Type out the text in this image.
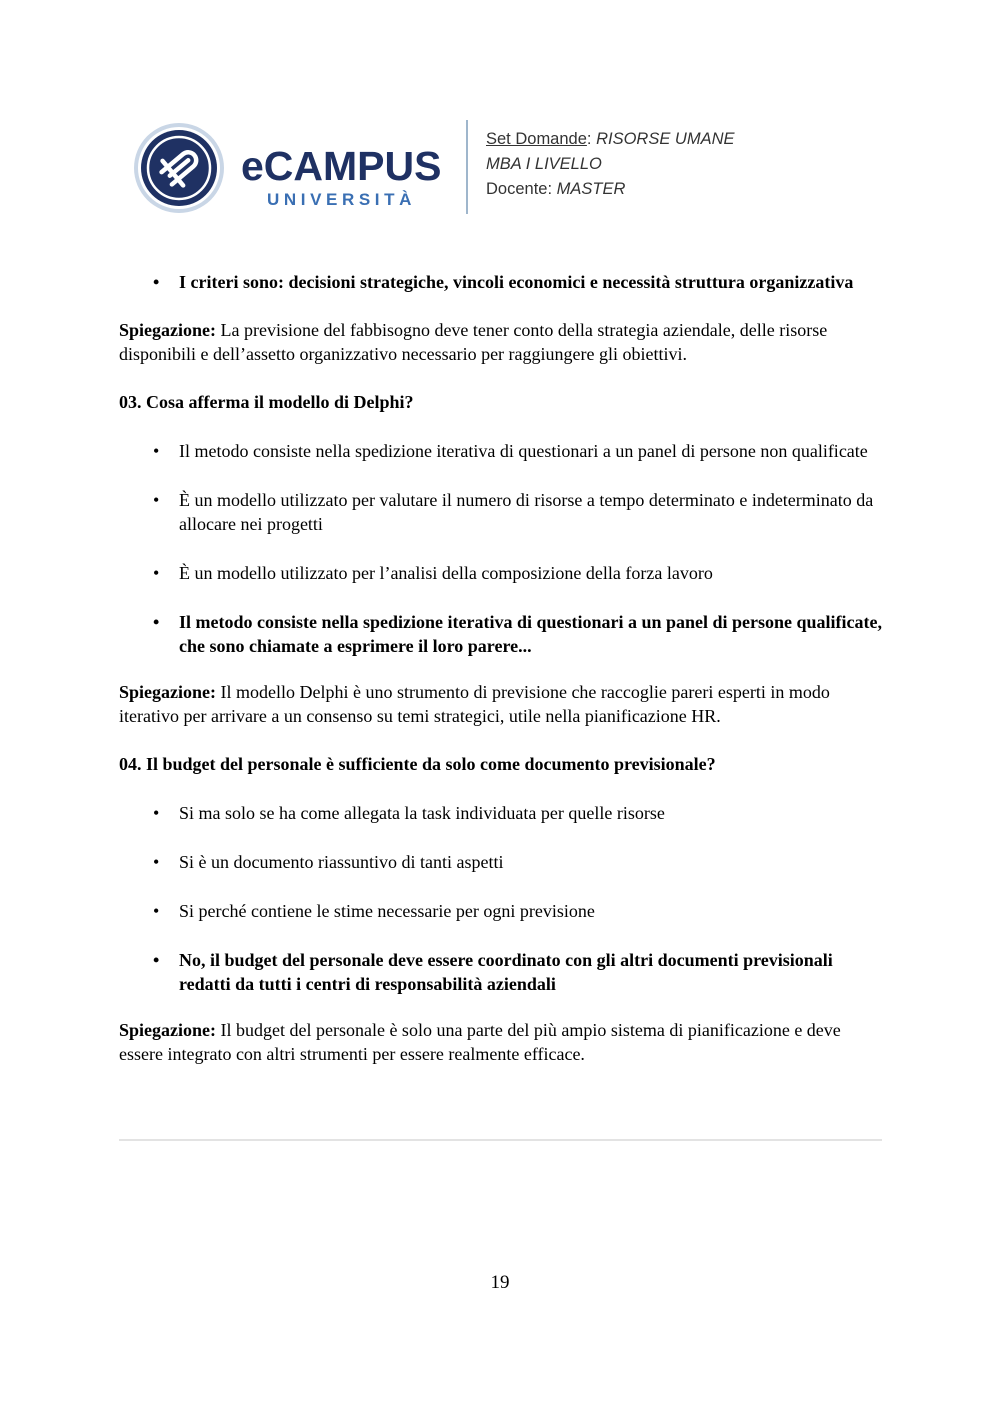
eCAMPUS
UNIVERSITÀ
Set Domande: RISORSE UMANE
MBA I LIVELLO
Docente: MASTER
• I criteri sono: decisioni strategiche, vincoli economici e necessità struttura organizzativa

Spiegazione: La previsione del fabbisogno deve tener conto della strategia aziendale, delle risorse disponibili e dell’assetto organizzativo necessario per raggiungere gli obiettivi.

03. Cosa afferma il modello di Delphi?

• Il metodo consiste nella spedizione iterativa di questionari a un panel di persone non qualificate
• È un modello utilizzato per valutare il numero di risorse a tempo determinato e indeterminato da allocare nei progetti
• È un modello utilizzato per l’analisi della composizione della forza lavoro
• Il metodo consiste nella spedizione iterativa di questionari a un panel di persone qualificate, che sono chiamate a esprimere il loro parere...

Spiegazione: Il modello Delphi è uno strumento di previsione che raccoglie pareri esperti in modo iterativo per arrivare a un consenso su temi strategici, utile nella pianificazione HR.

04. Il budget del personale è sufficiente da solo come documento previsionale?

• Si ma solo se ha come allegata la task individuata per quelle risorse
• Si è un documento riassuntivo di tanti aspetti
• Si perché contiene le stime necessarie per ogni previsione
• No, il budget del personale deve essere coordinato con gli altri documenti previsionali redatti da tutti i centri di responsabilità aziendali

Spiegazione: Il budget del personale è solo una parte del più ampio sistema di pianificazione e deve essere integrato con altri strumenti per essere realmente efficace.

19
